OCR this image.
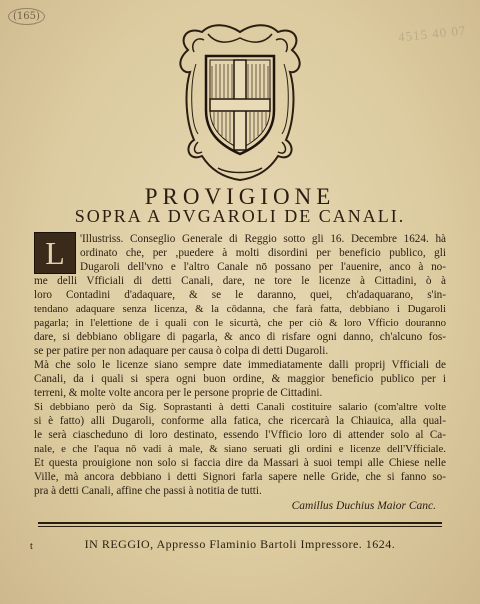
(165)
4515 40 07
PROVIGIONE
SOPRA A DVGAROLI DE CANALI.
L	'Illustriss. Conseglio Generale di Reggio sotto gli 16. Decembre 1624. hà
ordinato che, per ,puedere à molti disordini per beneficio publico, gli
Dugaroli dell'vno e l'altro Canale nō possano per l'auenire, anco à no-
me delli Vfficiali di detti Canali, dare, ne tore le licenze à Cittadini, ò à
loro Contadini d'adaquare, & se le daranno, quei, ch'adaquarano, s'in-
tendano adaquare senza licenza, & la cōdanna, che farà fatta, debbiano i Dugaroli
pagarla; in l'elettione de i quali con le sicurtà, che per ciò & loro Vfficio douranno
dare, si debbiano obligare di pagarla, & anco di risfare ogni danno, ch'alcuno fos-
se per patire per non adaquare per causa ò colpa di detti Dugaroli.
Mà che solo le licenze siano sempre date immediatamente dalli proprij Vfficiali de
Canali, da i quali si spera ogni buon ordine, & maggior beneficio publico per i
terreni, & molte volte ancora per le persone proprie de Cittadini.
Si debbiano però da Sig. Soprastanti à detti Canali costituire salario (com'altre volte
si è fatto) alli Dugaroli, conforme alla fatica, che ricercarà la Chiauica, alla qual-
le serà ciascheduno di loro destinato, essendo l'Vfficio loro di attender solo al Ca-
nale, e che l'aqua nō vadi à male, & siano seruati gli ordini e licenze dell'Vfficiale.
Et questa prouigione non solo si faccia dire da Massari à suoi tempi alle Chiese nelle
Ville, mà ancora debbiano i detti Signori farla sapere nelle Gride, che si fanno so-
pra à detti Canali, affine che passi à notitia de tutti.
Camillus Duchius Maior Canc.
t	IN REGGIO, Appresso Flaminio Bartoli Impressore. 1624.
